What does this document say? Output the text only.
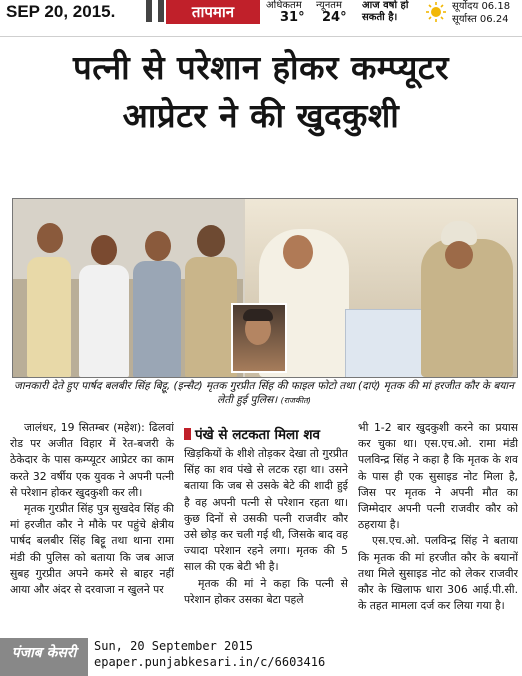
SEP 20, 2015.	तापमान	अधिकतम
31°
न्यूनतम
24°
आज वर्षा हो
सकती है।
सूर्योदय 06.18
सूर्यास्त 06.24
पत्नी से परेशान होकर कम्प्यूटर
आप्रेटर ने की खुदकुशी
जानकारी देते हुए पार्षद बलबीर सिंह बिट्टू, (इन्सैट) मृतक गुरप्रीत सिंह की फाइल फोटो तथा (दाएं) मृतक की मां हरजीत कौर के बयान लेती हुई पुलिस। (राजकीत)

जालंधर, 19 सितम्बर (महेश): ढिलवां रोड पर अजीत विहार में रेत-बजरी के ठेकेदार के पास कम्प्यूटर आप्रेटर का काम करते 32 वर्षीय एक युवक ने अपनी पत्नी से परेशान होकर खुदकुशी कर ली।

मृतक गुरप्रीत सिंह पुत्र सुखदेव सिंह की मां हरजीत कौर ने मौके पर पहुंचे क्षेत्रीय पार्षद बलबीर सिंह बिट्टू तथा थाना रामा मंडी की पुलिस को बताया कि जब आज सुबह गुरप्रीत अपने कमरे से बाहर नहीं आया और अंदर से दरवाजा न खुलने पर

पंखे से लटकता मिला शव

खिड़कियों के शीशे तोड़कर देखा तो गुरप्रीत सिंह का शव पंखे से लटक रहा था। उसने बताया कि जब से उसके बेटे की शादी हुई है वह अपनी पत्नी से परेशान रहता था। कुछ दिनों से उसकी पत्नी राजवीर कौर उसे छोड़ कर चली गई थी, जिसके बाद वह ज्यादा परेशान रहने लगा। मृतक की 5 साल की एक बेटी भी है।

मृतक की मां ने कहा कि पत्नी से परेशान होकर उसका बेटा पहले

भी 1-2 बार खुदकुशी करने का प्रयास कर चुका था। एस.एच.ओ. रामा मंडी पलविन्द्र सिंह ने कहा है कि मृतक के शव के पास ही एक सुसाइड नोट मिला है, जिस पर मृतक ने अपनी मौत का जिम्मेदार अपनी पत्नी राजवीर कौर को ठहराया है।

एस.एच.ओ. पलविन्द्र सिंह ने बताया कि मृतक की मां हरजीत कौर के बयानों तथा मिले सुसाइड नोट को लेकर राजवीर कौर के खिलाफ धारा 306 आई.पी.सी. के तहत मामला दर्ज कर लिया गया है।

पंजाब केसरी	Sun, 20 September 2015
epaper.punjabkesari.in/c/6603416
